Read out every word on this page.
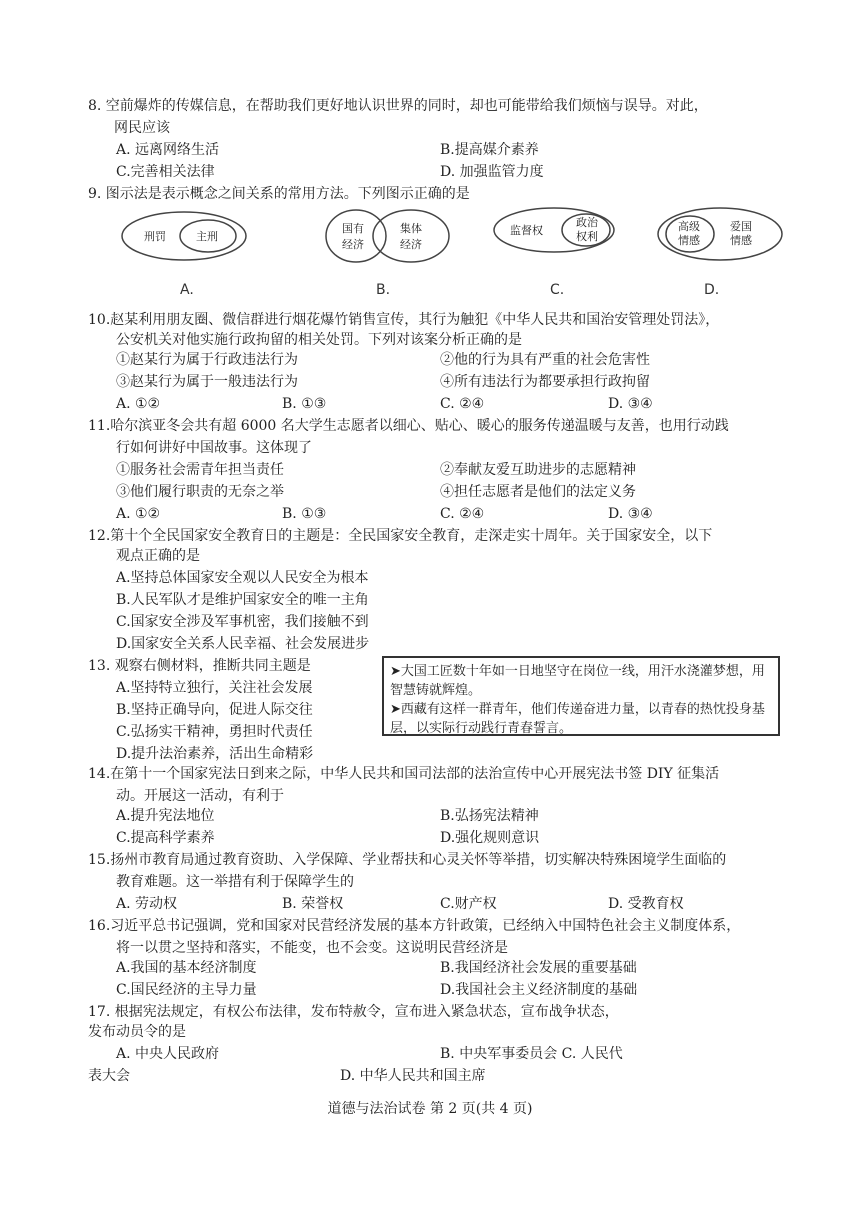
8. 空前爆炸的传媒信息，在帮助我们更好地认识世界的同时，却也可能带给我们烦恼与误导。对此，
网民应该
A. 远离网络生活	B.提高媒介素养
C.完善相关法律	D. 加强监管力度
9. 图示法是表示概念之间关系的常用方法。下列图示正确的是
刑罚	主刑
A.
国有
经济
集体
经济
B.
监督权
政治
权利
C.
高级
情感
爱国
情感
D.
10.赵某利用朋友圈、微信群进行烟花爆竹销售宣传，其行为触犯《中华人民共和国治安管理处罚法》，
公安机关对他实施行政拘留的相关处罚。下列对该案分析正确的是
①赵某行为属于行政违法行为	②他的行为具有严重的社会危害性
③赵某行为属于一般违法行为	④所有违法行为都要承担行政拘留
A. ①②	B. ①③	C. ②④	D. ③④
11.哈尔滨亚冬会共有超 6000 名大学生志愿者以细心、贴心、暖心的服务传递温暖与友善，也用行动践
行如何讲好中国故事。这体现了
①服务社会需青年担当责任	②奉献友爱互助进步的志愿精神
③他们履行职责的无奈之举	④担任志愿者是他们的法定义务
A. ①②	B. ①③	C. ②④	D. ③④
12.第十个全民国家安全教育日的主题是：全民国家安全教育，走深走实十周年。关于国家安全，以下
观点正确的是
A.坚持总体国家安全观以人民安全为根本
B.人民军队才是维护国家安全的唯一主角
C.国家安全涉及军事机密，我们接触不到
D.国家安全关系人民幸福、社会发展进步
13. 观察右侧材料，推断共同主题是
A.坚持特立独行，关注社会发展
B.坚持正确导向，促进人际交往
C.弘扬实干精神，勇担时代责任
D.提升法治素养，活出生命精彩

➤大国工匠数十年如一日地坚守在岗位一线，用汗水浇灌梦想，用智慧铸就辉煌。

➤西藏有这样一群青年，他们传递奋进力量，以青春的热忱投身基层，以实际行动践行青春誓言。

14.在第十一个国家宪法日到来之际，中华人民共和国司法部的法治宣传中心开展宪法书签 DIY 征集活
动。开展这一活动，有利于
A.提升宪法地位	B.弘扬宪法精神
C.提高科学素养	D.强化规则意识
15.扬州市教育局通过教育资助、入学保障、学业帮扶和心灵关怀等举措，切实解决特殊困境学生面临的
教育难题。这一举措有利于保障学生的
A. 劳动权	B. 荣誉权	C.财产权	D. 受教育权
16.习近平总书记强调，党和国家对民营经济发展的基本方针政策，已经纳入中国特色社会主义制度体系，
将一以贯之坚持和落实，不能变，也不会变。这说明民营经济是
A.我国的基本经济制度	B.我国经济社会发展的重要基础
C.国民经济的主导力量	D.我国社会主义经济制度的基础
17. 根据宪法规定，有权公布法律，发布特赦令，宣布进入紧急状态，宣布战争状态，
发布动员令的是
A. 中央人民政府	B. 中央军事委员会 C. 人民代
表大会	D. 中华人民共和国主席
道德与法治试卷 第 2 页(共 4 页)
